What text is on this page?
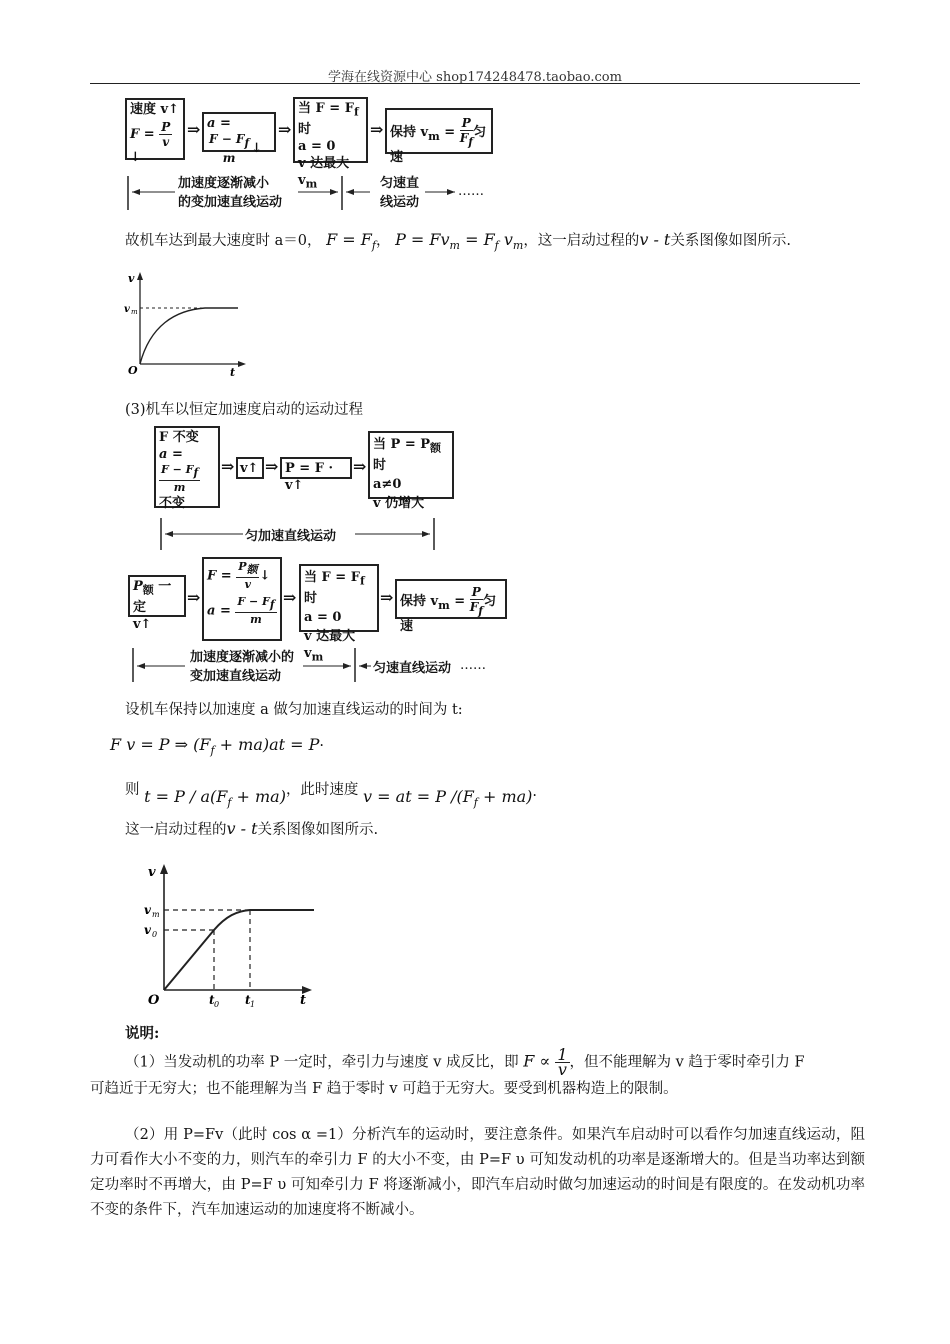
学海在线资源中心 shop174248478.taobao.com
速度 v↑
$F = \frac{P}{v}$
↓
⇒ a =
$\frac{F - F_f}{m}$ ↓
⇒
当 $F = F_f$ 时
a = 0
v 达最大 $v_m$
⇒ 保持 $v_m = \frac{P}{F_f}$ 匀速
加速度逐渐减小
的变加速直线运动
匀速直
线运动
……
故机车达到最大速度时 a＝0， $F = F_f$， $P = Fv_m = F_f$ $v_m$，这一启动过程的v - t关系图像如图所示.
v
v m
O	t
(3)机车以恒定加速度启动的运动过程
F 不变
a =
$\frac{F - F_f}{m}$
不变
⇒ v↑ ⇒ P = F · v↑
⇒
当 $P = P_额$ 时
a≠0
v 仍增大
匀加速直线运动
$P_额$ 一定
v↑
⇒
$F = \frac{P_额}{v}$ ↓
$a = \frac{F - F_f}{m}$ ⇒
当 $F = F_f$ 时
a = 0
v 达最大 $v_m$
⇒ 保持 $v_m = \frac{P}{F_f}$ 匀速
加速度逐渐减小的
变加速直线运动
匀速直线运动 ……
设机车保持以加速度 a 做匀加速直线运动的时间为 t:
F v = P ⇒ $(F_f + ma)at = P\cdot$
则 $t = P / a(F_f + ma)$，此时速度 v = at = P $/(F_f + ma)\cdot$
这一启动过程的v - t关系图像如图所示.
v
v m
v 0
O	t 0 t 1	t
说明:
（1）当发动机的功率 P 一定时，牵引力与速度 v 成反比，即 $F \propto \frac{1}{v}$ ，但不能理解为 v 趋于零时牵引力 F
可趋近于无穷大；也不能理解为当 F 趋于零时 v 可趋于无穷大。要受到机器构造上的限制。
（2）用 P=Fv（此时 cos α =1）分析汽车的运动时，要注意条件。如果汽车启动时可以看作匀加速直线运动，阻力可看作大小不变的力，则汽车的牵引力 F 的大小不变，由 P=F υ 可知发动机的功率是逐渐增大的。但是当功率达到额定功率时不再增大，由 P=F υ 可知牵引力 F 将逐渐减小，即汽车启动时做匀加速运动的时间是有限度的。在发动机功率不变的条件下，汽车加速运动的加速度将不断减小。
